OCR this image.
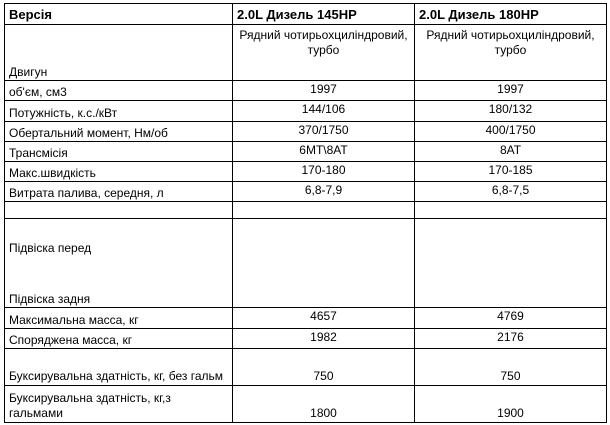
Версія	2.0L Дизель 145HP	2.0L Дизель 180HP
Двигун	Рядний чотирьохциліндровий, турбо	Рядний чотирьохциліндровий, турбо
об'єм, см3	1997	1997
Потужність, к.с./кВт	144/106	180/132
Обертальний момент, Нм/об	370/1750	400/1750
Трансмісія	6МТ\8АТ	8АТ
Макс.швидкість	170-180	170-185
Витрата палива, середня, л	6,8-7,9	6,8-7,5

Підвіска перед		
Підвіска задня		
Максимальна масса, кг	4657	4769
Споряджена масса, кг	1982	2176
Буксирувальна здатність, кг, без гальм	750	750
Буксирувальна здатність, кг,з гальмами	1800	1900
